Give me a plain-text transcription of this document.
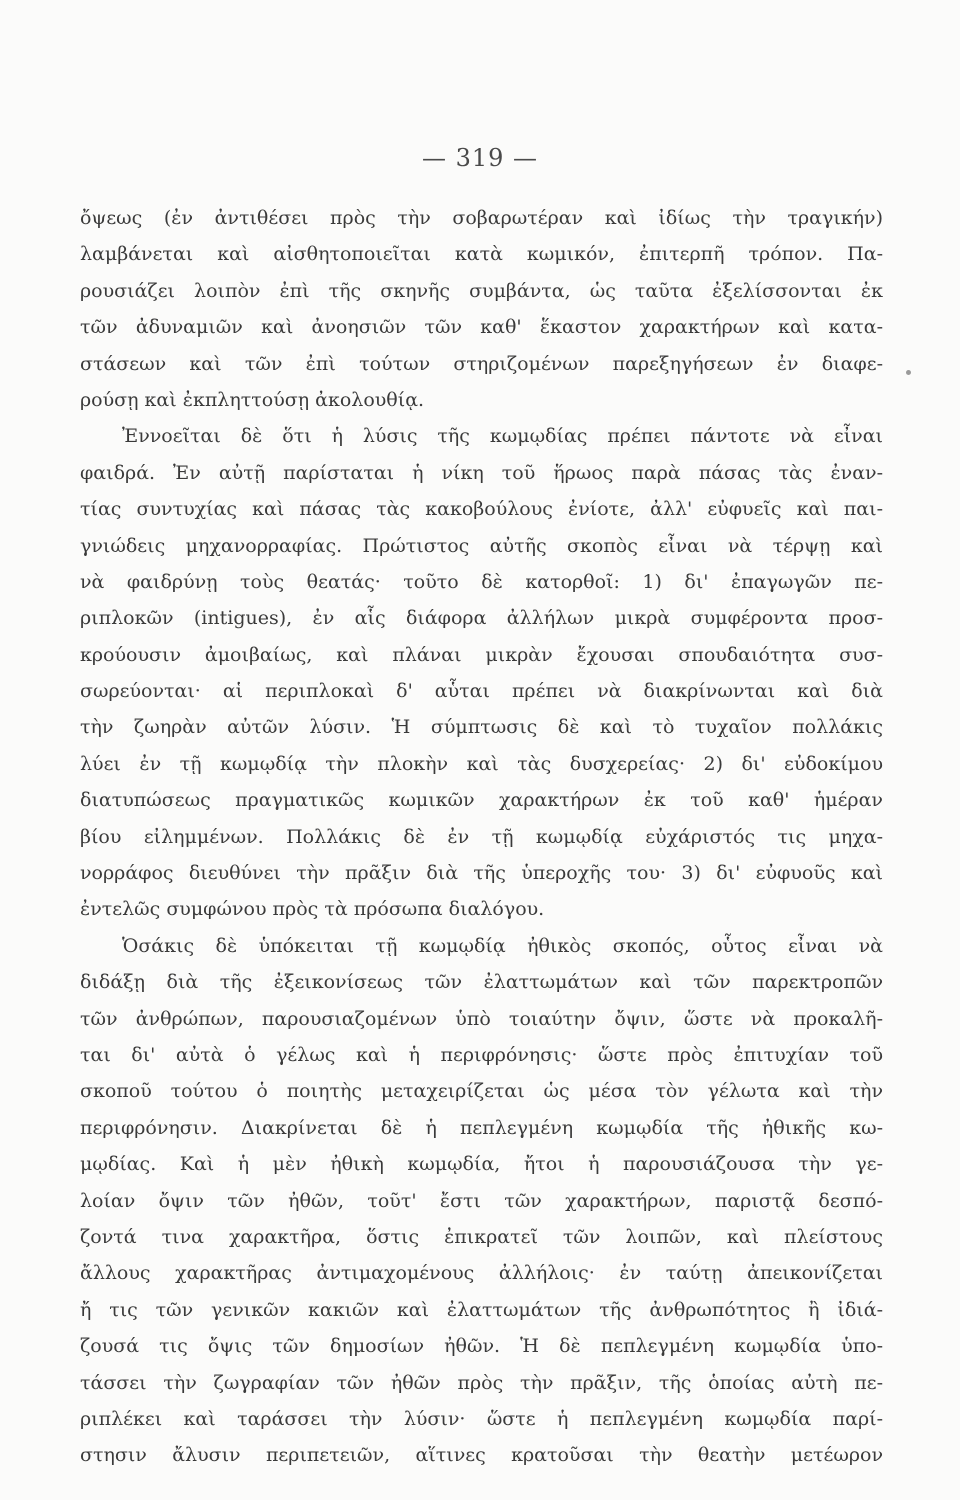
— 319 —
ὄψεως (ἐν ἀντιθέσει πρὸς τὴν σοβαρωτέραν καὶ ἰδίως τὴν τραγικήν)
λαμβάνεται καὶ αἰσθητοποιεῖται κατὰ κωμικόν, ἐπιτερπῆ τρόπον. Πα-
ρουσιάζει λοιπὸν ἐπὶ τῆς σκηνῆς συμβάντα, ὡς ταῦτα ἐξελίσσονται ἐκ
τῶν ἀδυναμιῶν καὶ ἀνοησιῶν τῶν καθ' ἕκαστον χαρακτήρων καὶ κατα-
στάσεων καὶ τῶν ἐπὶ τούτων στηριζομένων παρεξηγήσεων ἐν διαφε-
ρούσῃ καὶ ἐκπληττούσῃ ἀκολουθίᾳ.
Ἐννοεῖται δὲ ὅτι ἡ λύσις τῆς κωμῳδίας πρέπει πάντοτε νὰ εἶναι
φαιδρά. Ἐν αὐτῇ παρίσταται ἡ νίκη τοῦ ἥρωος παρὰ πάσας τὰς ἐναν-
τίας συντυχίας καὶ πάσας τὰς κακοβούλους ἐνίοτε, ἀλλ' εὐφυεῖς καὶ παι-
γνιώδεις μηχανορραφίας. Πρώτιστος αὐτῆς σκοπὸς εἶναι νὰ τέρψῃ καὶ
νὰ φαιδρύνῃ τοὺς θεατάς· τοῦτο δὲ κατορθοῖ: 1) δι' ἐπαγωγῶν πε-
ριπλοκῶν (intigues), ἐν αἷς διάφορα ἀλλήλων μικρὰ συμφέροντα προσ-
κρούουσιν ἀμοιβαίως, καὶ πλάναι μικρὰν ἔχουσαι σπουδαιότητα συσ-
σωρεύονται· αἱ περιπλοκαὶ δ' αὗται πρέπει νὰ διακρίνωνται καὶ διὰ
τὴν ζωηρὰν αὐτῶν λύσιν. Ἡ σύμπτωσις δὲ καὶ τὸ τυχαῖον πολλάκις
λύει ἐν τῇ κωμῳδίᾳ τὴν πλοκὴν καὶ τὰς δυσχερείας· 2) δι' εὐδοκίμου
διατυπώσεως πραγματικῶς κωμικῶν χαρακτήρων ἐκ τοῦ καθ' ἡμέραν
βίου εἰλημμένων. Πολλάκις δὲ ἐν τῇ κωμῳδίᾳ εὐχάριστός τις μηχα-
νορράφος διευθύνει τὴν πρᾶξιν διὰ τῆς ὑπεροχῆς του· 3) δι' εὐφυοῦς καὶ
ἐντελῶς συμφώνου πρὸς τὰ πρόσωπα διαλόγου.
Ὁσάκις δὲ ὑπόκειται τῇ κωμῳδίᾳ ἠθικὸς σκοπός, οὗτος εἶναι νὰ
διδάξῃ διὰ τῆς ἐξεικονίσεως τῶν ἐλαττωμάτων καὶ τῶν παρεκτροπῶν
τῶν ἀνθρώπων, παρουσιαζομένων ὑπὸ τοιαύτην ὄψιν, ὥστε νὰ προκαλῆ-
ται δι' αὐτὰ ὁ γέλως καὶ ἡ περιφρόνησις· ὥστε πρὸς ἐπιτυχίαν τοῦ
σκοποῦ τούτου ὁ ποιητὴς μεταχειρίζεται ὡς μέσα τὸν γέλωτα καὶ τὴν
περιφρόνησιν. Διακρίνεται δὲ ἡ πεπλεγμένη κωμῳδία τῆς ἠθικῆς κω-
μῳδίας. Καὶ ἡ μὲν ἠθικὴ κωμῳδία, ἤτοι ἡ παρουσιάζουσα τὴν γε-
λοίαν ὄψιν τῶν ἠθῶν, τοῦτ' ἔστι τῶν χαρακτήρων, παριστᾷ δεσπό-
ζοντά τινα χαρακτῆρα, ὅστις ἐπικρατεῖ τῶν λοιπῶν, καὶ πλείστους
ἄλλους χαρακτῆρας ἀντιμαχομένους ἀλλήλοις· ἐν ταύτῃ ἀπεικονίζεται
ἤ τις τῶν γενικῶν κακιῶν καὶ ἐλαττωμάτων τῆς ἀνθρωπότητος ἢ ἰδιά-
ζουσά τις ὄψις τῶν δημοσίων ἠθῶν. Ἡ δὲ πεπλεγμένη κωμῳδία ὑπο-
τάσσει τὴν ζωγραφίαν τῶν ἠθῶν πρὸς τὴν πρᾶξιν, τῆς ὁποίας αὐτὴ πε-
ριπλέκει καὶ ταράσσει τὴν λύσιν· ὥστε ἡ πεπλεγμένη κωμῳδία παρί-
στησιν ἄλυσιν περιπετειῶν, αἵτινες κρατοῦσαι τὴν θεατὴν μετέωρον
